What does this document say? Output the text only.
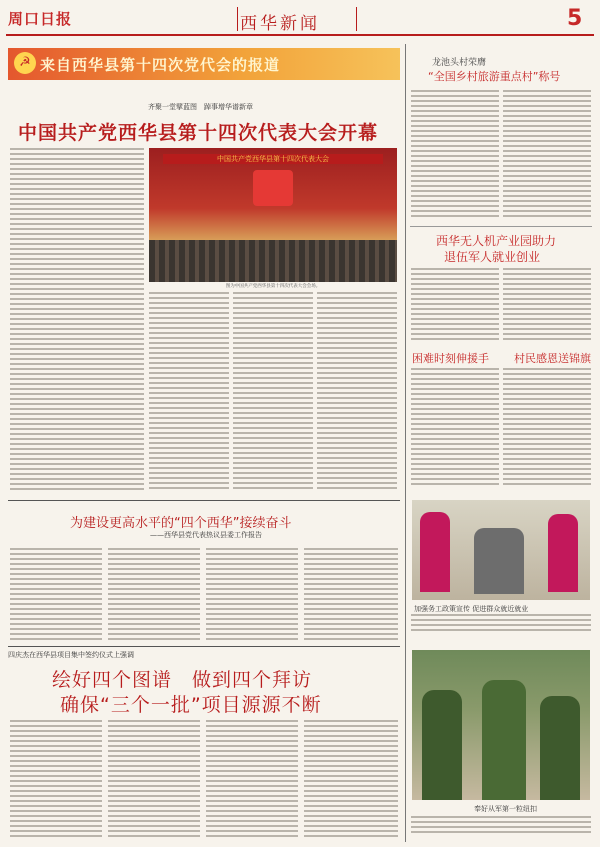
周口日报	西华新闻	5
☭ 来自西华县第十四次党代会的报道
齐聚一堂擘蓝图　踔事增华谱新章
中国共产党西华县第十四次代表大会开幕
中国共产党西华县第十四次代表大会
图为中国共产党西华县第十四次代表大会会场。
为建设更高水平的“四个西华”接续奋斗
——西华县党代表热议县委工作报告
四庆杰在西华县项目集中签约仪式上强调
绘好四个图谱　做到四个拜访
确保“三个一批”项目源源不断
龙池头村荣膺
“全国乡村旅游重点村”称号
西华无人机产业园助力
退伍军人就业创业
困难时刻伸援手 村民感恩送锦旗
加强务工政策宣传 促进群众就近就业
奉好从军第一粒纽扣
